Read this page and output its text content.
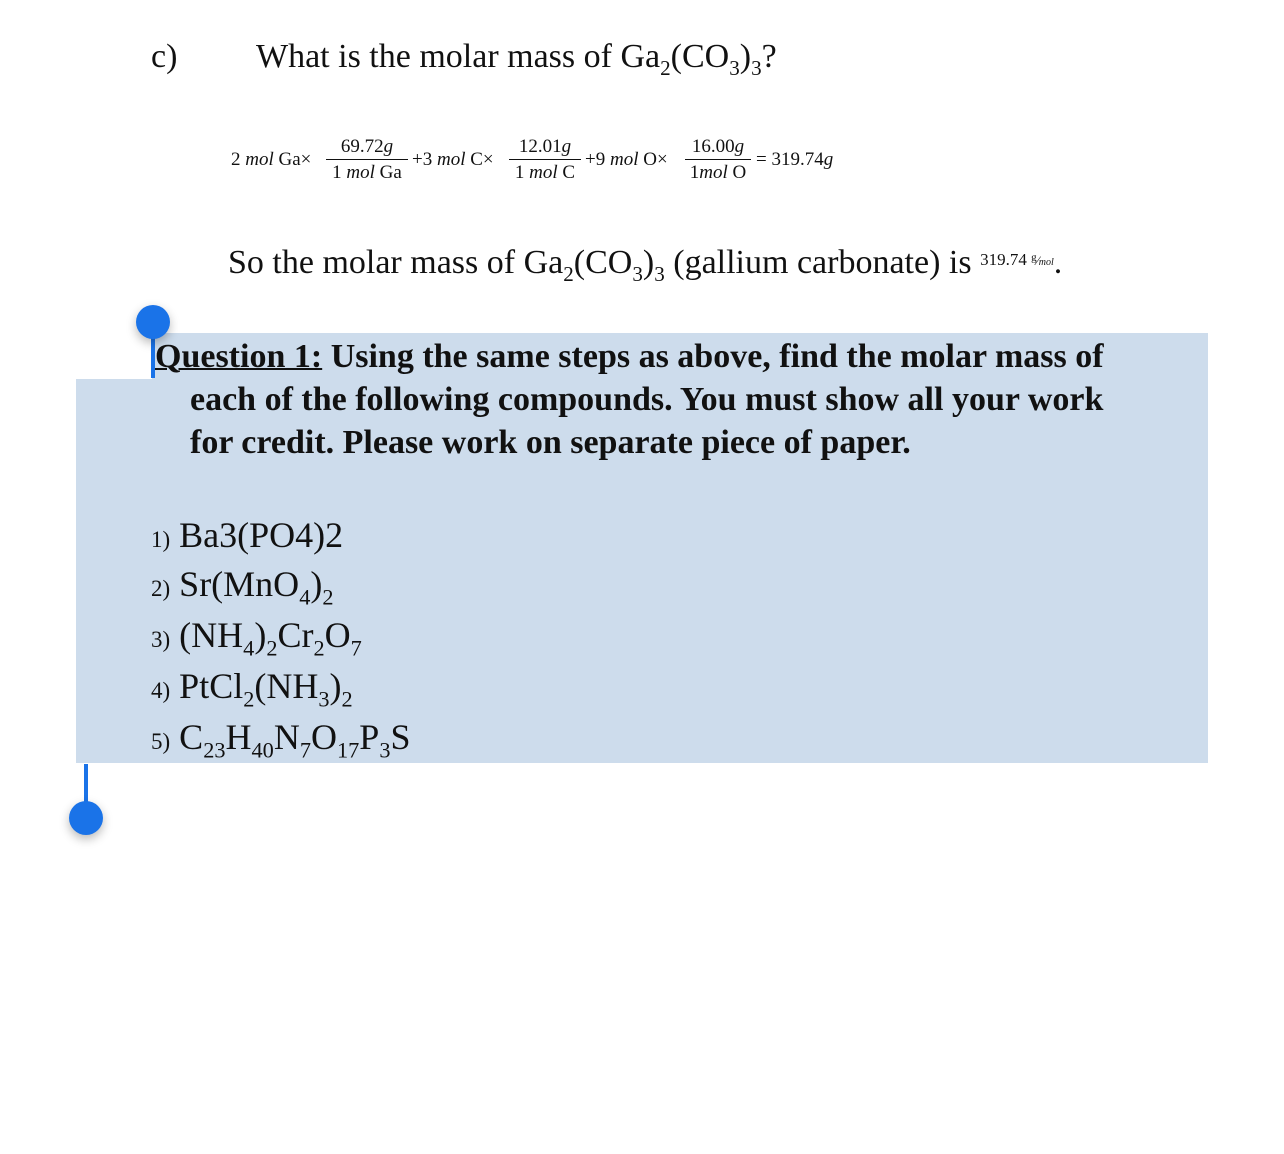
c) What is the molar mass of $Ga_2(CO_3)_3$?
2 mol Ga×
69.72g
1 mol Ga
+3 mol C×
12.01g
1 mol C
+9 mol O×
16.00g
1mol O
= 319.74g
So the molar mass of $Ga_2(CO_3)_3$ (gallium carbonate) is $^{319.74 ^g⁄mol}$.
Question 1: Using the same steps as above, find the molar mass of
each of the following compounds. You must show all your work
for credit. Please work on separate piece of paper.
1) Ba3(PO4)2
2) $Sr(MnO_4)_2$
3) $(NH_4)_2Cr_2O_7$
4) $PtCl_2(NH_3)_2$
5) $C_{23}H_{40}N_7O_{17}P_3S$
